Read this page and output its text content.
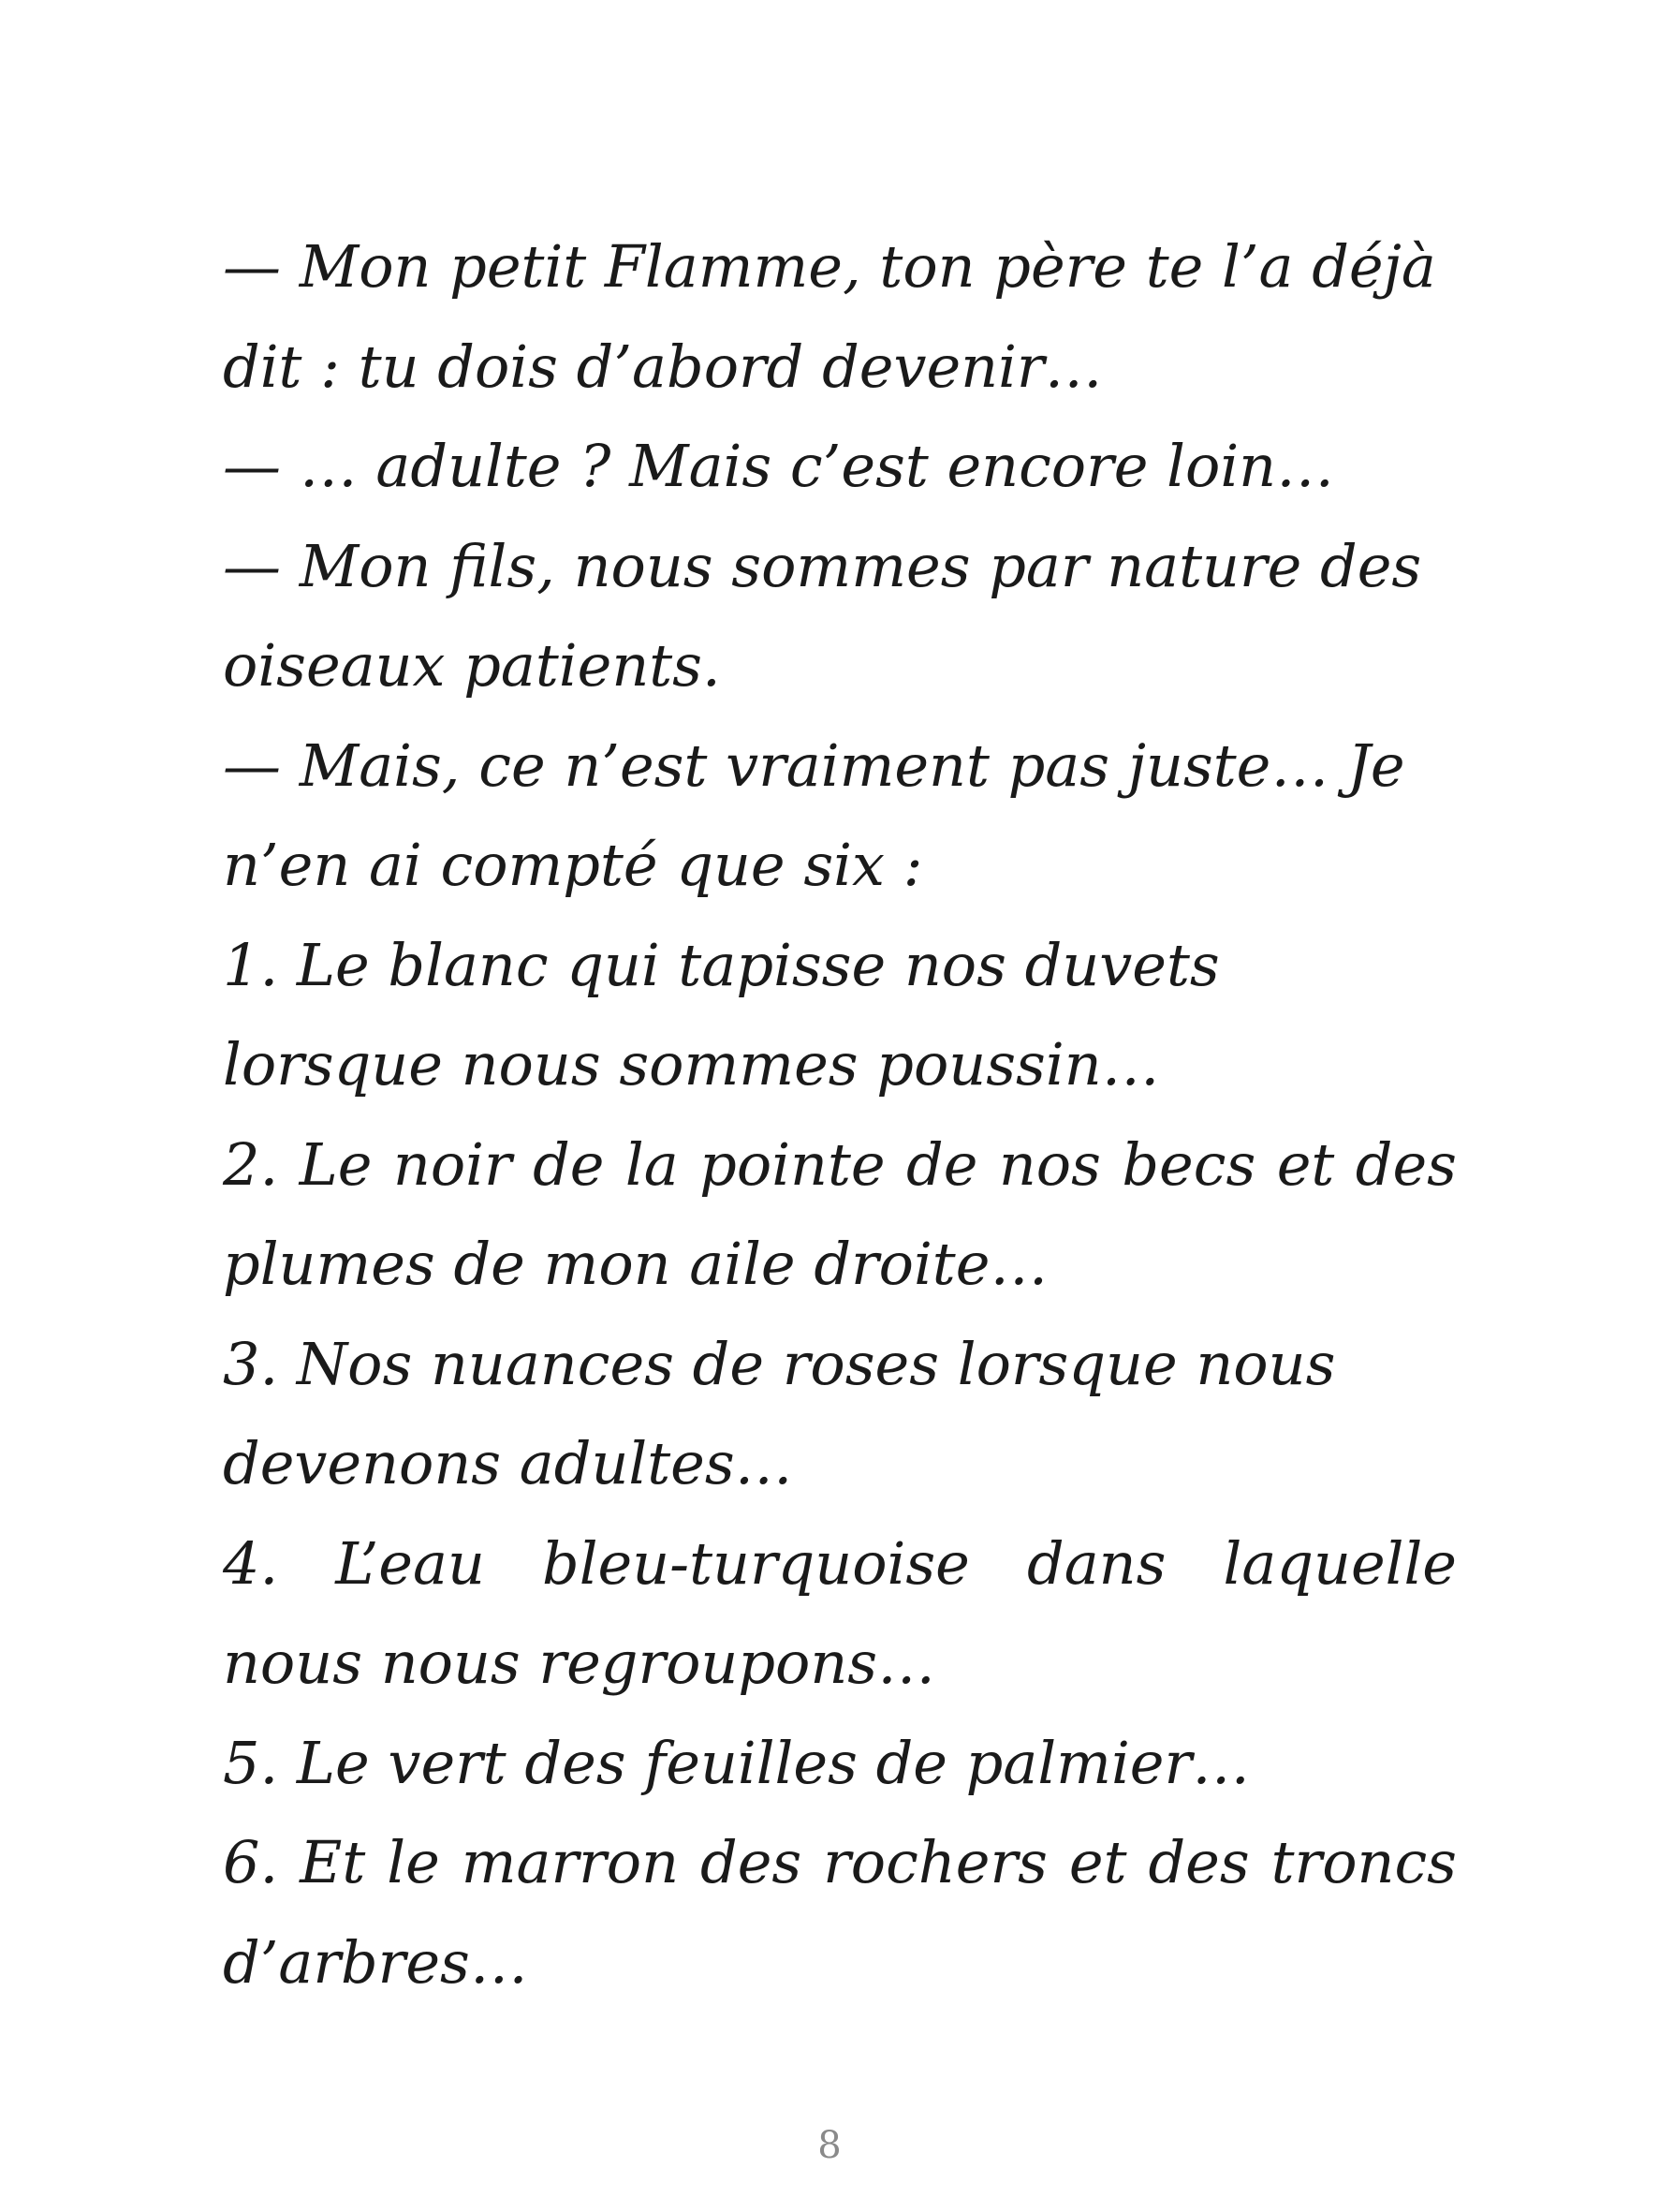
— Mon petit Flamme, ton père te l’a déjà dit : tu dois d’abord devenir…

— … adulte ? Mais c’est encore loin…

— Mon fils, nous sommes par nature des oiseaux patients.

— Mais, ce n’est vraiment pas juste… Je n’en ai compté que six :

1. Le blanc qui tapisse nos duvets lorsque nous sommes poussin…

2. Le noir de la pointe de nos becs et des plumes de mon aile droite…

3. Nos nuances de roses lorsque nous devenons adultes…

4. L’eau bleu-turquoise dans laquelle nous nous regroupons…

5. Le vert des feuilles de palmier…

6. Et le marron des rochers et des troncs d’arbres…

8
